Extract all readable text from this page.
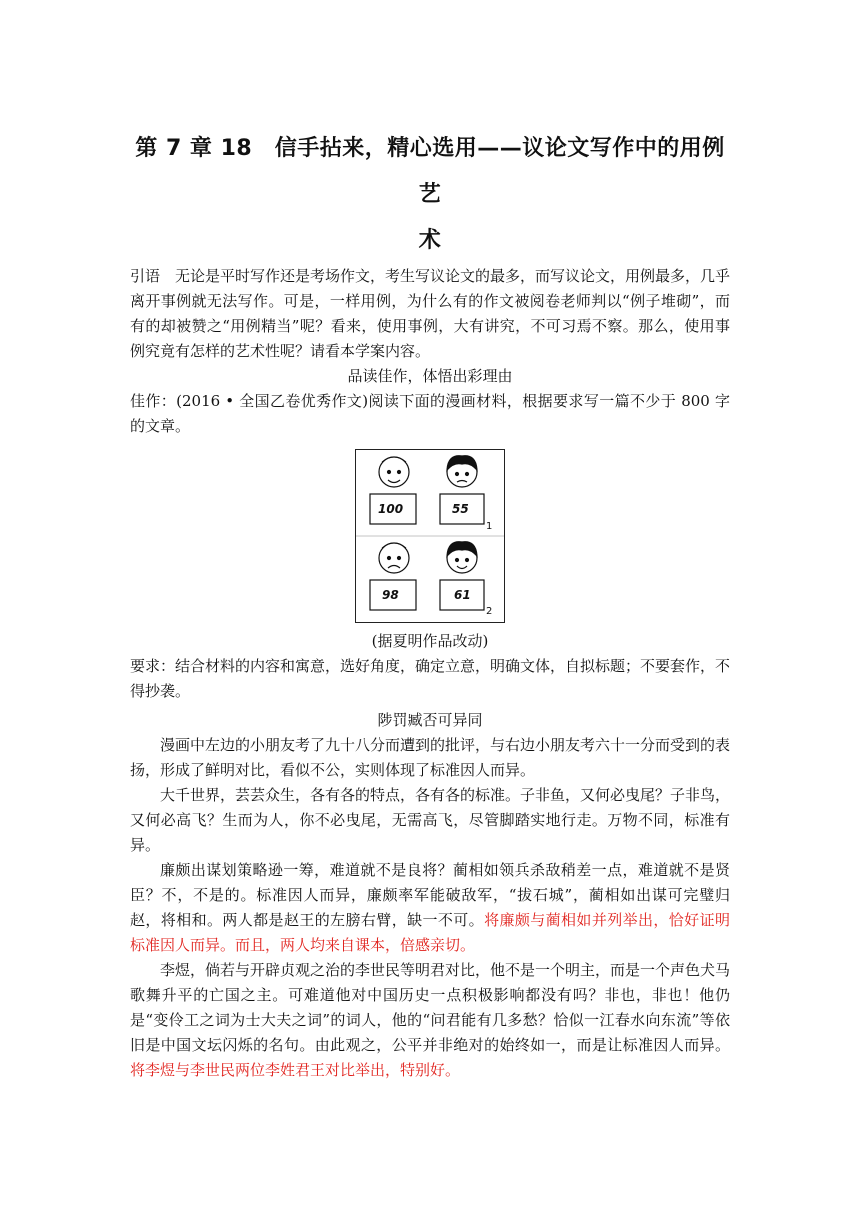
第 7 章 18　信手拈来，精心选用——议论文写作中的用例艺
术

引语　无论是平时写作还是考场作文，考生写议论文的最多，而写议论文，用例最多，几乎离开事例就无法写作。可是，一样用例，为什么有的作文被阅卷老师判以“例子堆砌”，而有的却被赞之“用例精当”呢？看来，使用事例，大有讲究，不可习焉不察。那么，使用事例究竟有怎样的艺术性呢？请看本学案内容。

品读佳作，体悟出彩理由

佳作：(2016 • 全国乙卷优秀作文)阅读下面的漫画材料，根据要求写一篇不少于 800 字的文章。

100	55
98	61
1
2

(据夏明作品改动)

要求：结合材料的内容和寓意，选好角度，确定立意，明确文体，自拟标题；不要套作，不得抄袭。

陟罚臧否可异同

漫画中左边的小朋友考了九十八分而遭到的批评，与右边小朋友考六十一分而受到的表扬，形成了鲜明对比，看似不公，实则体现了标准因人而异。

大千世界，芸芸众生，各有各的特点，各有各的标准。子非鱼，又何必曳尾？子非鸟，又何必高飞？生而为人，你不必曳尾，无需高飞，尽管脚踏实地行走。万物不同，标准有异。

廉颇出谋划策略逊一筹，难道就不是良将？蔺相如领兵杀敌稍差一点，难道就不是贤臣？不，不是的。标准因人而异，廉颇率军能破敌军，“拔石城”，蔺相如出谋可完璧归赵，将相和。两人都是赵王的左膀右臂，缺一不可。将廉颇与蔺相如并列举出，恰好证明标准因人而异。而且，两人均来自课本，倍感亲切。

李煜，倘若与开辟贞观之治的李世民等明君对比，他不是一个明主，而是一个声色犬马歌舞升平的亡国之主。可难道他对中国历史一点积极影响都没有吗？非也，非也！他仍是“变伶工之词为士大夫之词”的词人，他的“问君能有几多愁？恰似一江春水向东流”等依旧是中国文坛闪烁的名句。由此观之，公平并非绝对的始终如一，而是让标准因人而异。将李煜与李世民两位李姓君王对比举出，特别好。
